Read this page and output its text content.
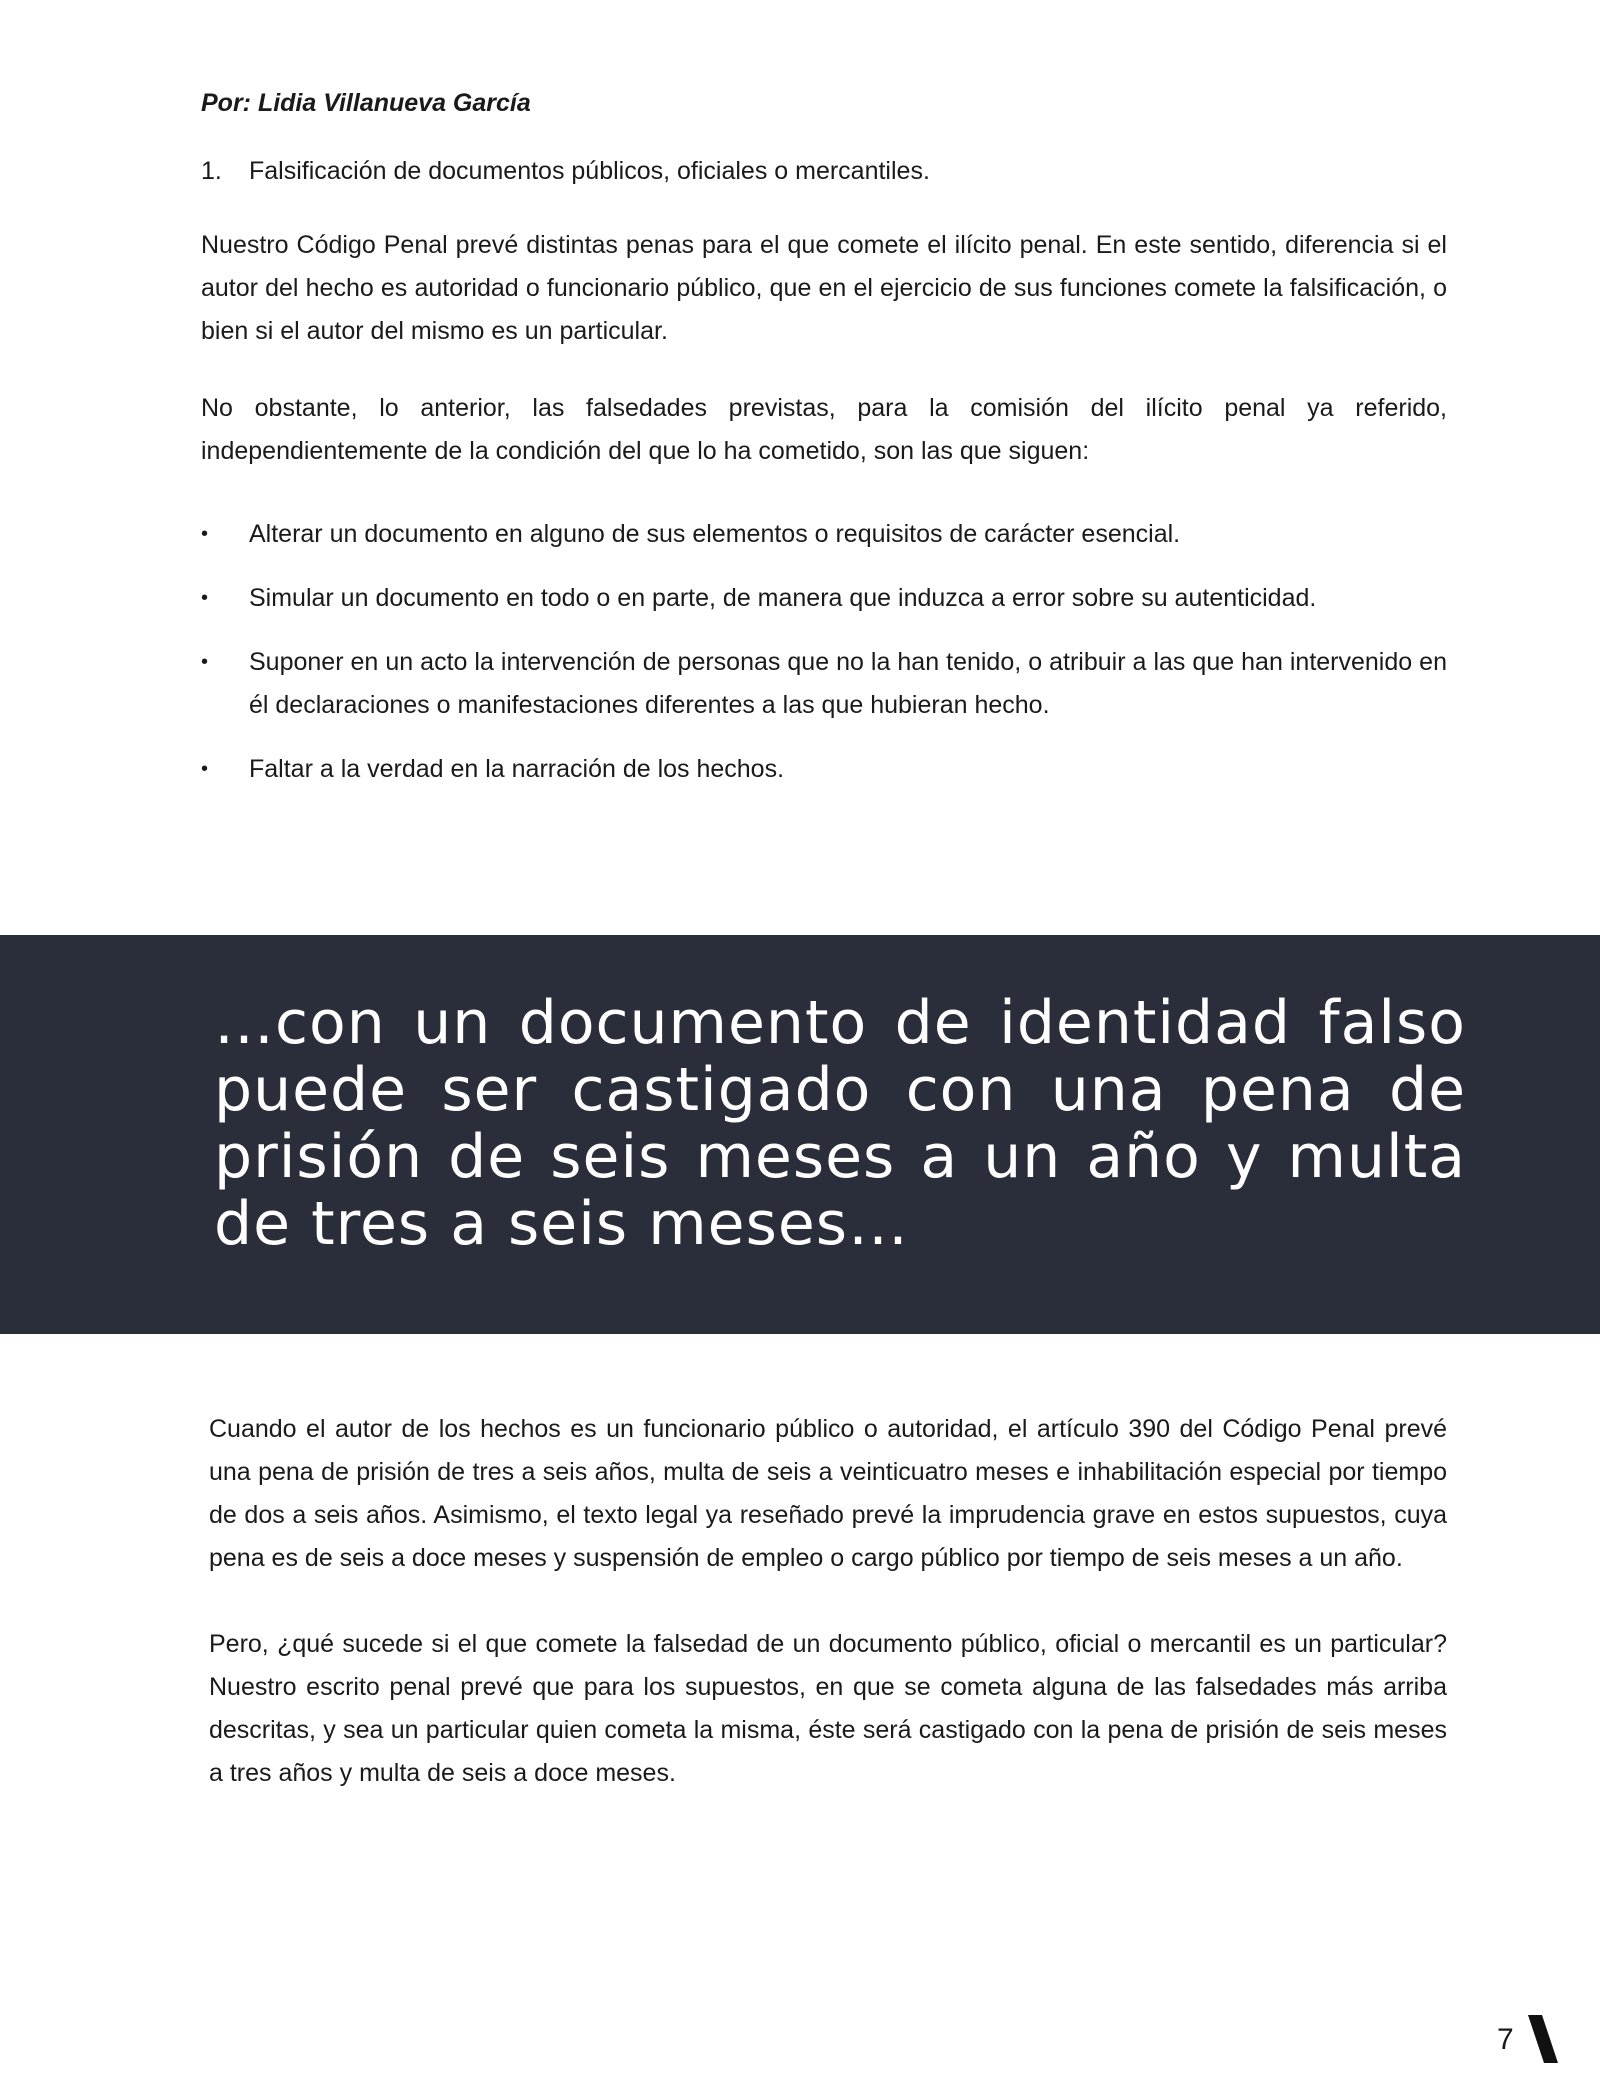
Por: Lidia Villanueva García

1.	Falsificación de documentos públicos, oficiales o mercantiles.

Nuestro Código Penal prevé distintas penas para el que comete el ilícito penal. En este sentido, diferencia si el autor del hecho es autoridad o funcionario público, que en el ejercicio de sus funciones comete la falsificación, o bien si el autor del mismo es un particular.

No obstante, lo anterior, las falsedades previstas, para la comisión del ilícito penal ya referido, independientemente de la condición del que lo ha cometido, son las que siguen:

•	Alterar un documento en alguno de sus elementos o requisitos de carácter esencial.
•	Simular un documento en todo o en parte, de manera que induzca a error sobre su autenticidad.
•	Suponer en un acto la intervención de personas que no la han tenido, o atribuir a las que han intervenido en él declaraciones o manifestaciones diferentes a las que hubieran hecho.
•	Faltar a la verdad en la narración de los hechos.

…con un documento de identidad falso puede ser castigado con una pena de prisión de seis meses a un año y multa de tres a seis meses…

Cuando el autor de los hechos es un funcionario público o autoridad, el artículo 390 del Código Penal prevé una pena de prisión de tres a seis años, multa de seis a veinticuatro meses e inhabilitación especial por tiempo de dos a seis años. Asimismo, el texto legal ya reseñado prevé la imprudencia grave en estos supuestos, cuya pena es de seis a doce meses y suspensión de empleo o cargo público por tiempo de seis meses a un año.

Pero, ¿qué sucede si el que comete la falsedad de un documento público, oficial o mercantil es un particular? Nuestro escrito penal prevé que para los supuestos, en que se cometa alguna de las falsedades más arriba descritas, y sea un particular quien cometa la misma, éste será castigado con la pena de prisión de seis meses a tres años y multa de seis a doce meses.

7
